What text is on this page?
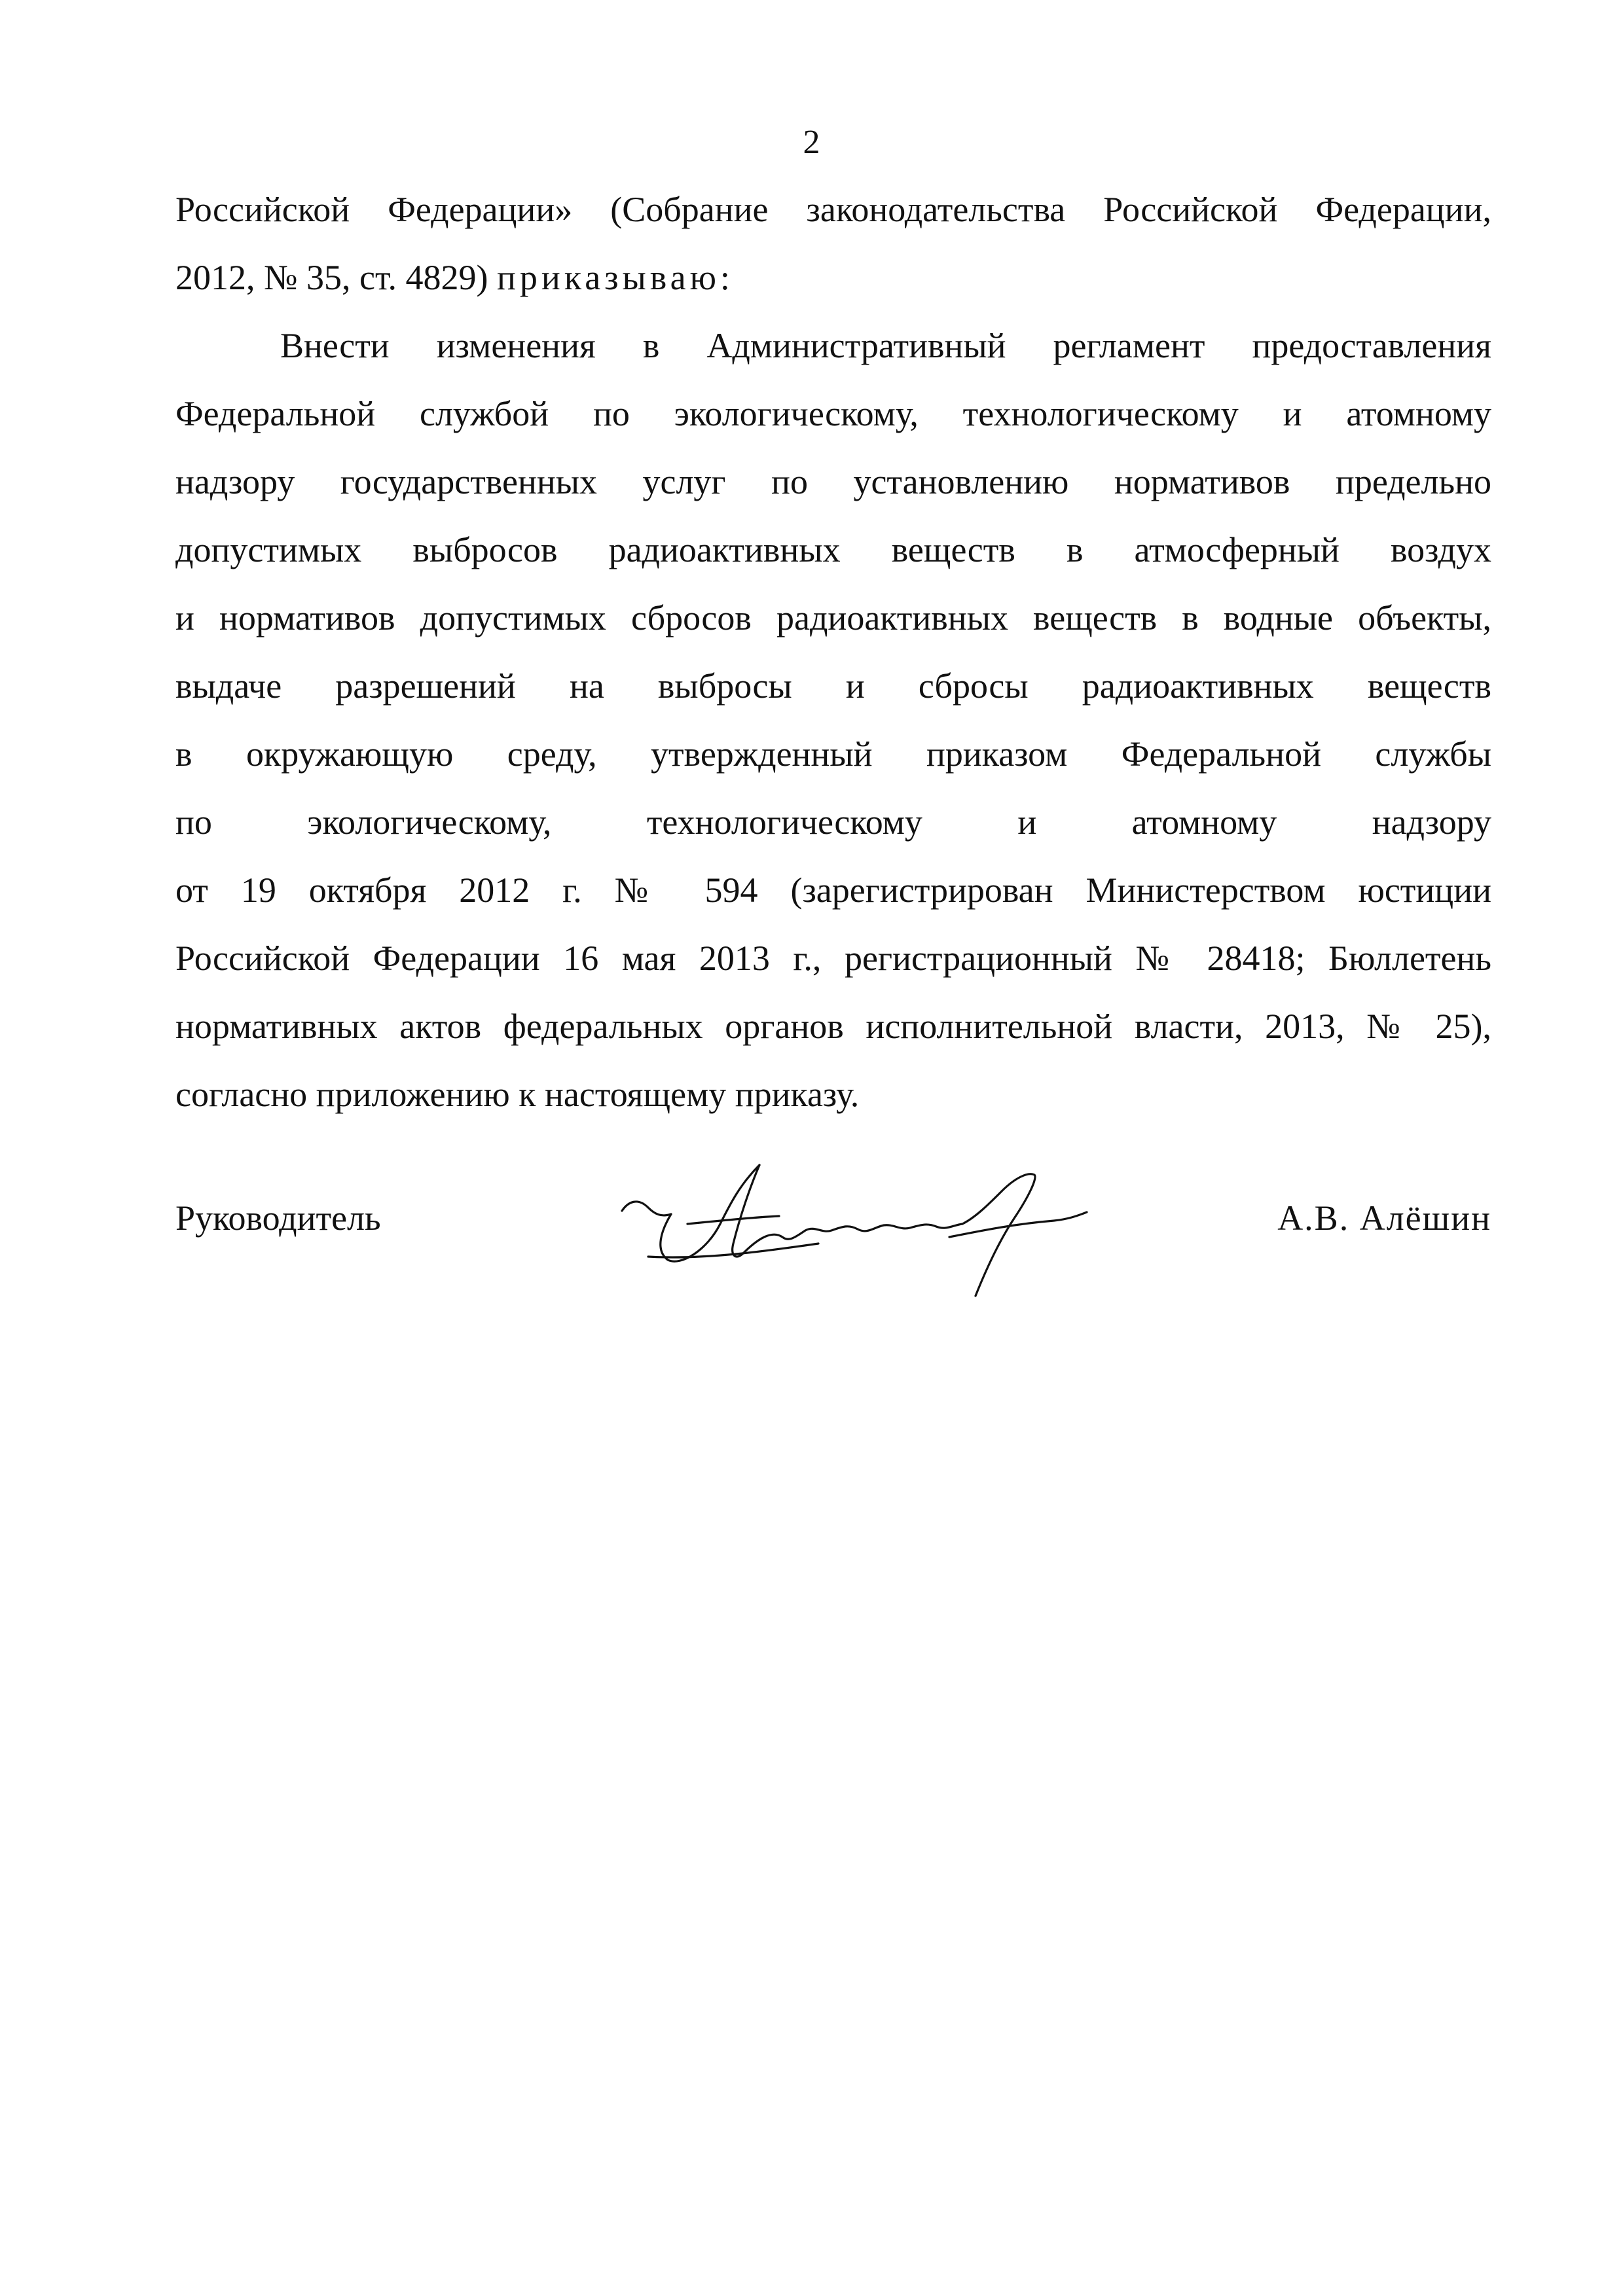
2
Российской Федерации» (Собрание законодательства Российской Федерации,
2012, № 35, ст. 4829) приказываю:
Внести изменения в Административный регламент предоставления
Федеральной службой по экологическому, технологическому и атомному
надзору государственных услуг по установлению нормативов предельно
допустимых выбросов радиоактивных веществ в атмосферный воздух
и нормативов допустимых сбросов радиоактивных веществ в водные объекты,
выдаче разрешений на выбросы и сбросы радиоактивных веществ
в окружающую среду, утвержденный приказом Федеральной службы
по экологическому, технологическому и атомному надзору
от 19 октября 2012 г. № 594 (зарегистрирован Министерством юстиции
Российской Федерации 16 мая 2013 г., регистрационный № 28418; Бюллетень
нормативных актов федеральных органов исполнительной власти, 2013, № 25),
согласно приложению к настоящему приказу.
Руководитель	А.В. Алёшин
